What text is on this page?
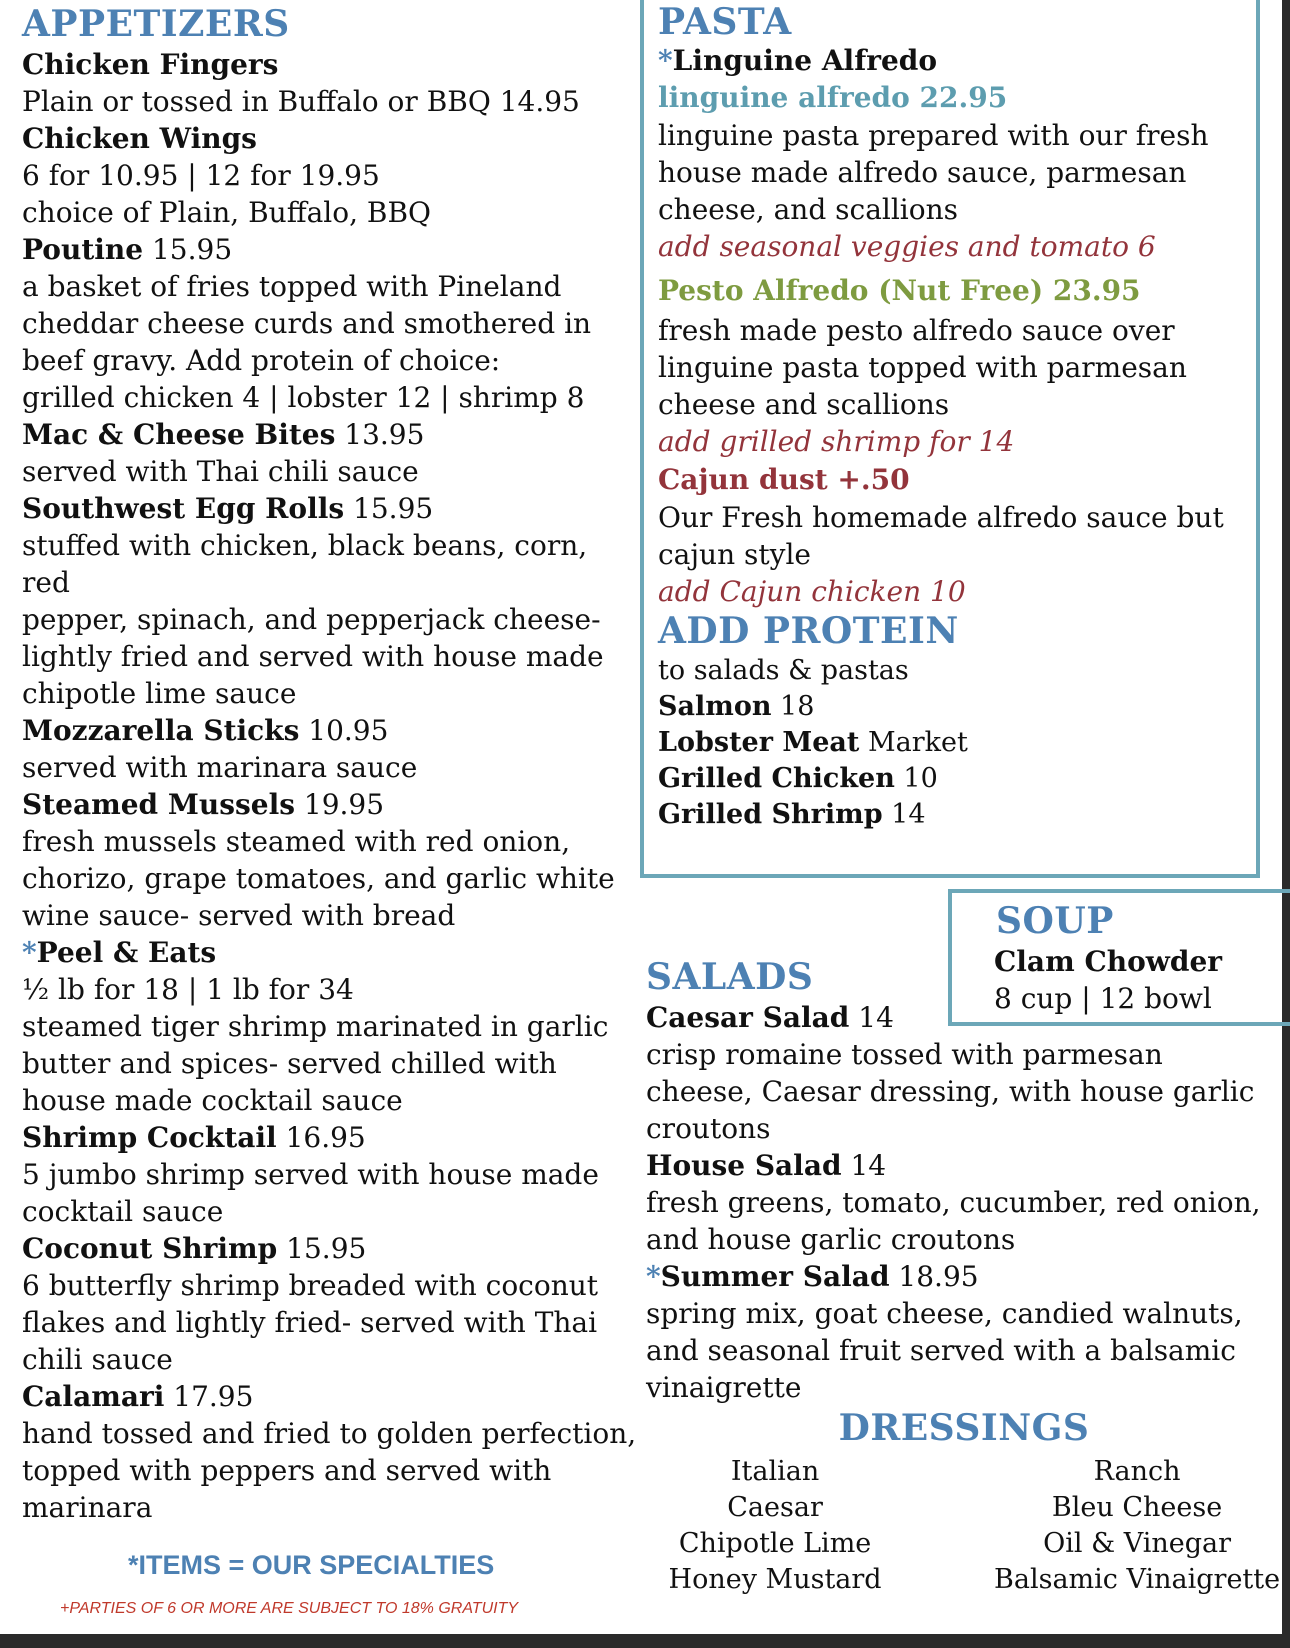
APPETIZERS
Chicken Fingers
Plain or tossed in Buffalo or BBQ 14.95
Chicken Wings
6 for 10.95 | 12 for 19.95
choice of Plain, Buffalo, BBQ
Poutine 15.95
a basket of fries topped with Pineland
cheddar cheese curds and smothered in
beef gravy. Add protein of choice:
grilled chicken 4 | lobster 12 | shrimp 8
Mac & Cheese Bites 13.95
served with Thai chili sauce
Southwest Egg Rolls 15.95
stuffed with chicken, black beans, corn, red
pepper, spinach, and pepperjack cheese-
lightly fried and served with house made
chipotle lime sauce
Mozzarella Sticks 10.95
served with marinara sauce
Steamed Mussels 19.95
fresh mussels steamed with red onion,
chorizo, grape tomatoes, and garlic white
wine sauce- served with bread
*Peel & Eats
½ lb for 18 | 1 lb for 34
steamed tiger shrimp marinated in garlic
butter and spices- served chilled with
house made cocktail sauce
Shrimp Cocktail 16.95
5 jumbo shrimp served with house made
cocktail sauce
Coconut Shrimp 15.95
6 butterfly shrimp breaded with coconut
flakes and lightly fried- served with Thai
chili sauce
Calamari 17.95
hand tossed and fried to golden perfection,
topped with peppers and served with
marinara
PASTA
*Linguine Alfredo
linguine alfredo 22.95
linguine pasta prepared with our fresh
house made alfredo sauce, parmesan
cheese, and scallions
add seasonal veggies and tomato 6
Pesto Alfredo (Nut Free) 23.95
fresh made pesto alfredo sauce over
linguine pasta topped with parmesan
cheese and scallions
add grilled shrimp for 14
Cajun dust +.50
Our Fresh homemade alfredo sauce but
cajun style
add Cajun chicken 10
ADD PROTEIN
to salads & pastas
Salmon 18
Lobster Meat Market
Grilled Chicken 10
Grilled Shrimp 14
SOUP
Clam Chowder
8 cup | 12 bowl
SALADS
Caesar Salad 14
crisp romaine tossed with parmesan
cheese, Caesar dressing, with house garlic
croutons
House Salad 14
fresh greens, tomato, cucumber, red onion,
and house garlic croutons
*Summer Salad 18.95
spring mix, goat cheese, candied walnuts,
and seasonal fruit served with a balsamic
vinaigrette
DRESSINGS
Italian
Caesar
Chipotle Lime
Honey Mustard
Ranch
Bleu Cheese
Oil & Vinegar
Balsamic Vinaigrette
*ITEMS = OUR SPECIALTIES
+PARTIES OF 6 OR MORE ARE SUBJECT TO 18% GRATUITY
